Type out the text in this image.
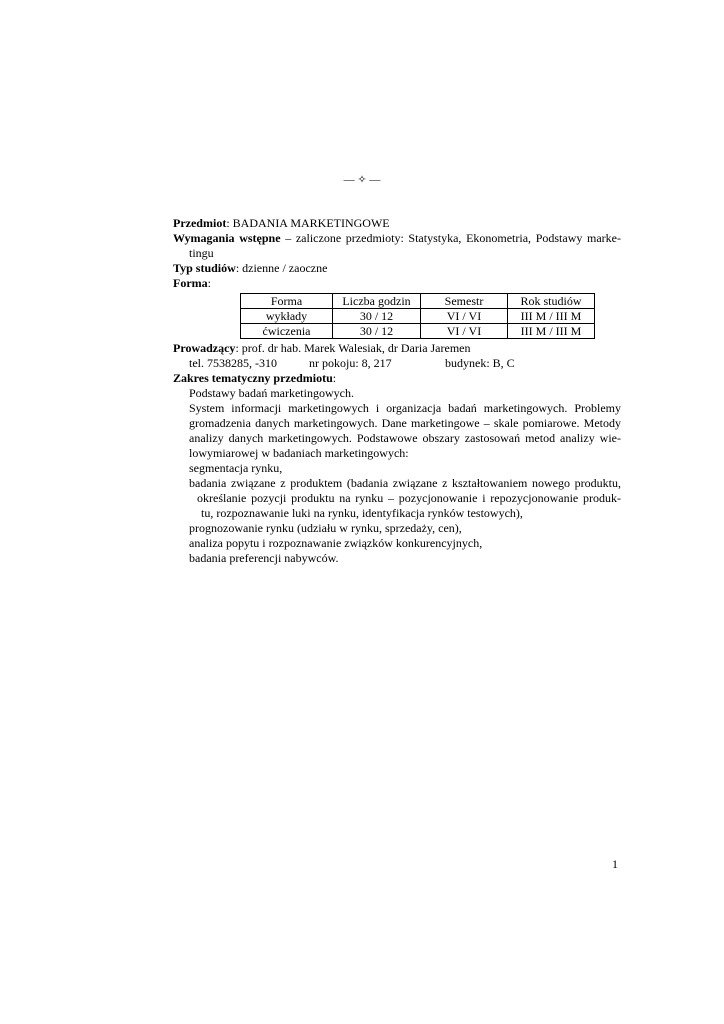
— ✧ —

Przedmiot: BADANIA MARKETINGOWE

Wymagania wstępne – zaliczone przedmioty: Statystyka, Ekonometria, Podstawy marke-

tingu

Typ studiów: dzienne / zaoczne

Forma:

Forma	Liczba godzin	Semestr	Rok studiów
wykłady	30 / 12	VI / VI	III M / III M
ćwiczenia	30 / 12	VI / VI	III M / III M

Prowadzący: prof. dr hab. Marek Walesiak, dr Daria Jaremen

tel. 7538285, -310	nr pokoju: 8, 217	budynek: B, C

Zakres tematyczny przedmiotu:

Podstawy badań marketingowych.

System informacji marketingowych i organizacja badań marketingowych. Problemy

gromadzenia danych marketingowych. Dane marketingowe – skale pomiarowe. Metody

analizy danych marketingowych. Podstawowe obszary zastosowań metod analizy wie-

lowymiarowej w badaniach marketingowych:

segmentacja rynku,

badania związane z produktem (badania związane z kształtowaniem nowego produktu,

określanie pozycji produktu na rynku – pozycjonowanie i repozycjonowanie produk-

tu, rozpoznawanie luki na rynku, identyfikacja rynków testowych),

prognozowanie rynku (udziału w rynku, sprzedaży, cen),

analiza popytu i rozpoznawanie związków konkurencyjnych,

badania preferencji nabywców.

1
